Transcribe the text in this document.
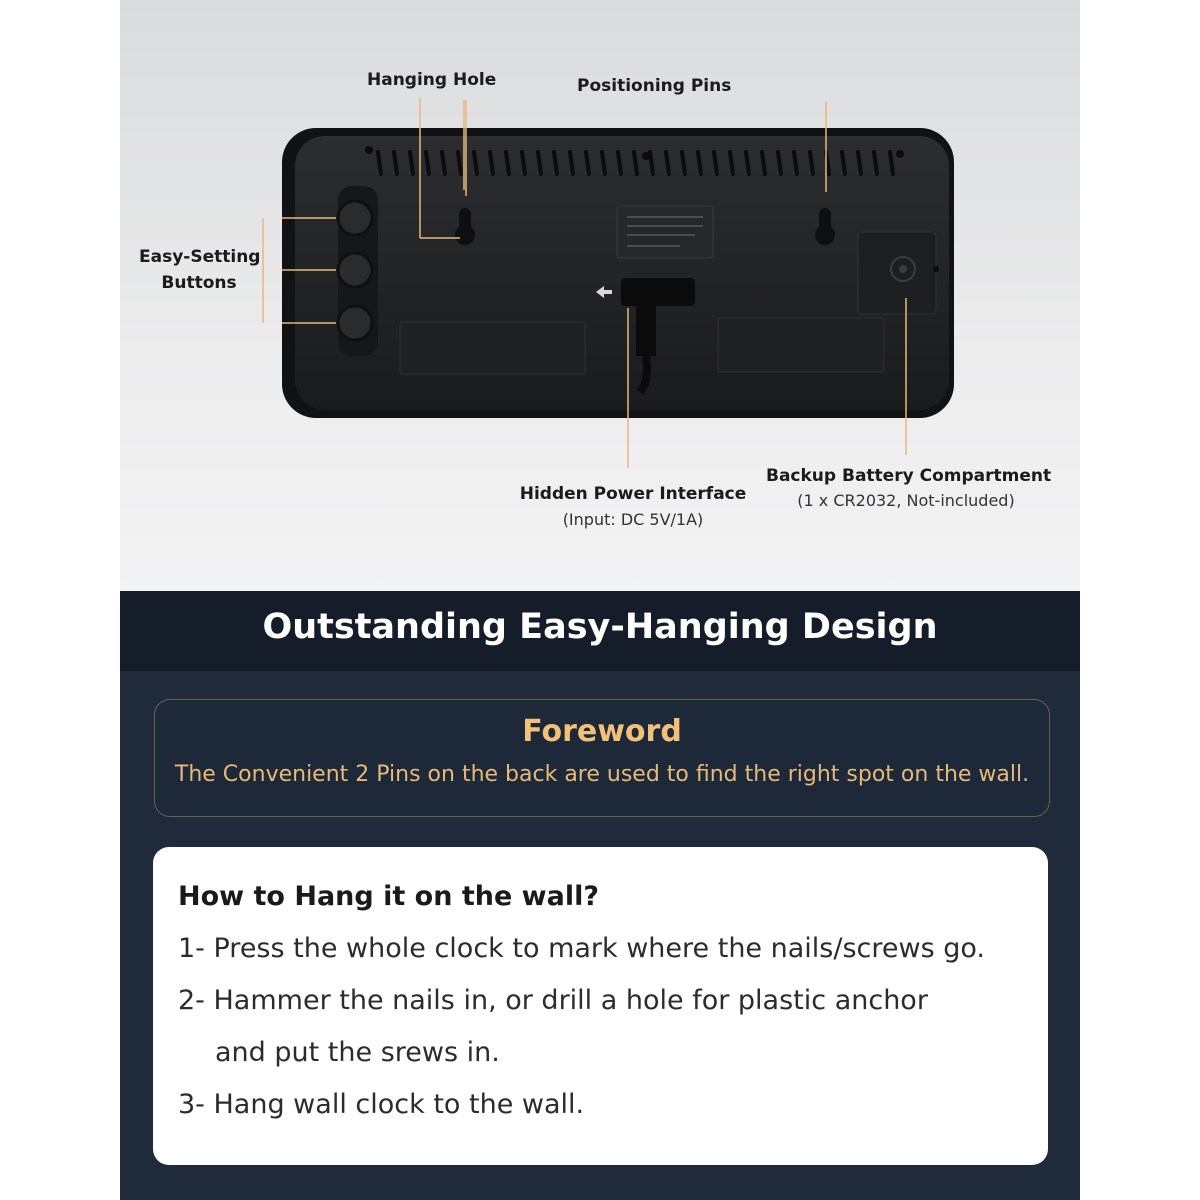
Hanging Hole	Positioning Pins
Easy-Setting
Buttons
Hidden Power Interface
(Input: DC 5V/1A)
Backup Battery Compartment
(1 x CR2032, Not-included)
Outstanding Easy-Hanging Design
Foreword
The Convenient 2 Pins on the back are used to find the right spot on the wall.
How to Hang it on the wall?
1- Press the whole clock to mark where the nails/screws go.
2- Hammer the nails in, or drill a hole for plastic anchor
and put the srews in.
3- Hang wall clock to the wall.
